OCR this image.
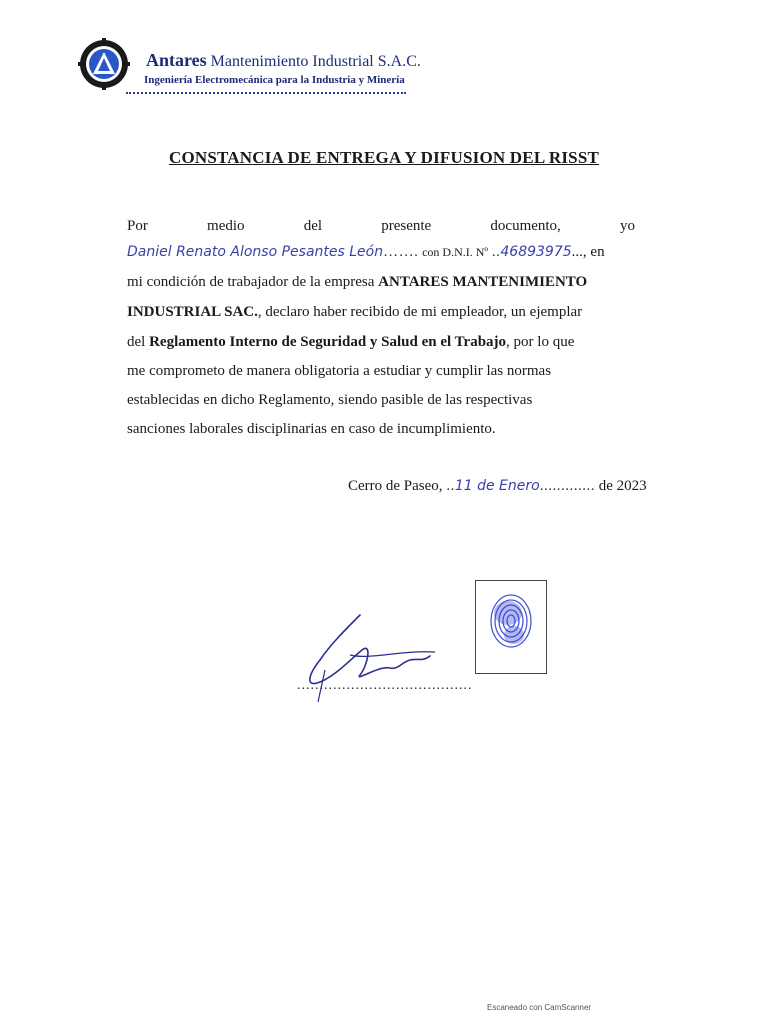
Antares Mantenimiento Industrial S.A.C.
Ingeniería Electromecánica para la Industria y Minería
CONSTANCIA DE ENTREGA Y DIFUSION DEL RISST
Por	medio	del	presente	documento,	yo
Daniel Renato Alonso Pesantes León……. con D.N.I. Nº ..46893975..., en
mi condición de trabajador de la empresa ANTARES MANTENIMIENTO
INDUSTRIAL SAC., declaro haber recibido de mi empleador, un ejemplar
del Reglamento Interno de Seguridad y Salud en el Trabajo, por lo que
me comprometo de manera obligatoria a estudiar y cumplir las normas
establecidas en dicho Reglamento, siendo pasible de las respectivas
sanciones laborales disciplinarias en caso de incumplimiento.
Cerro de Paseo, ..11 de Enero............. de 2023
.......................................
Escaneado con CamScanner
